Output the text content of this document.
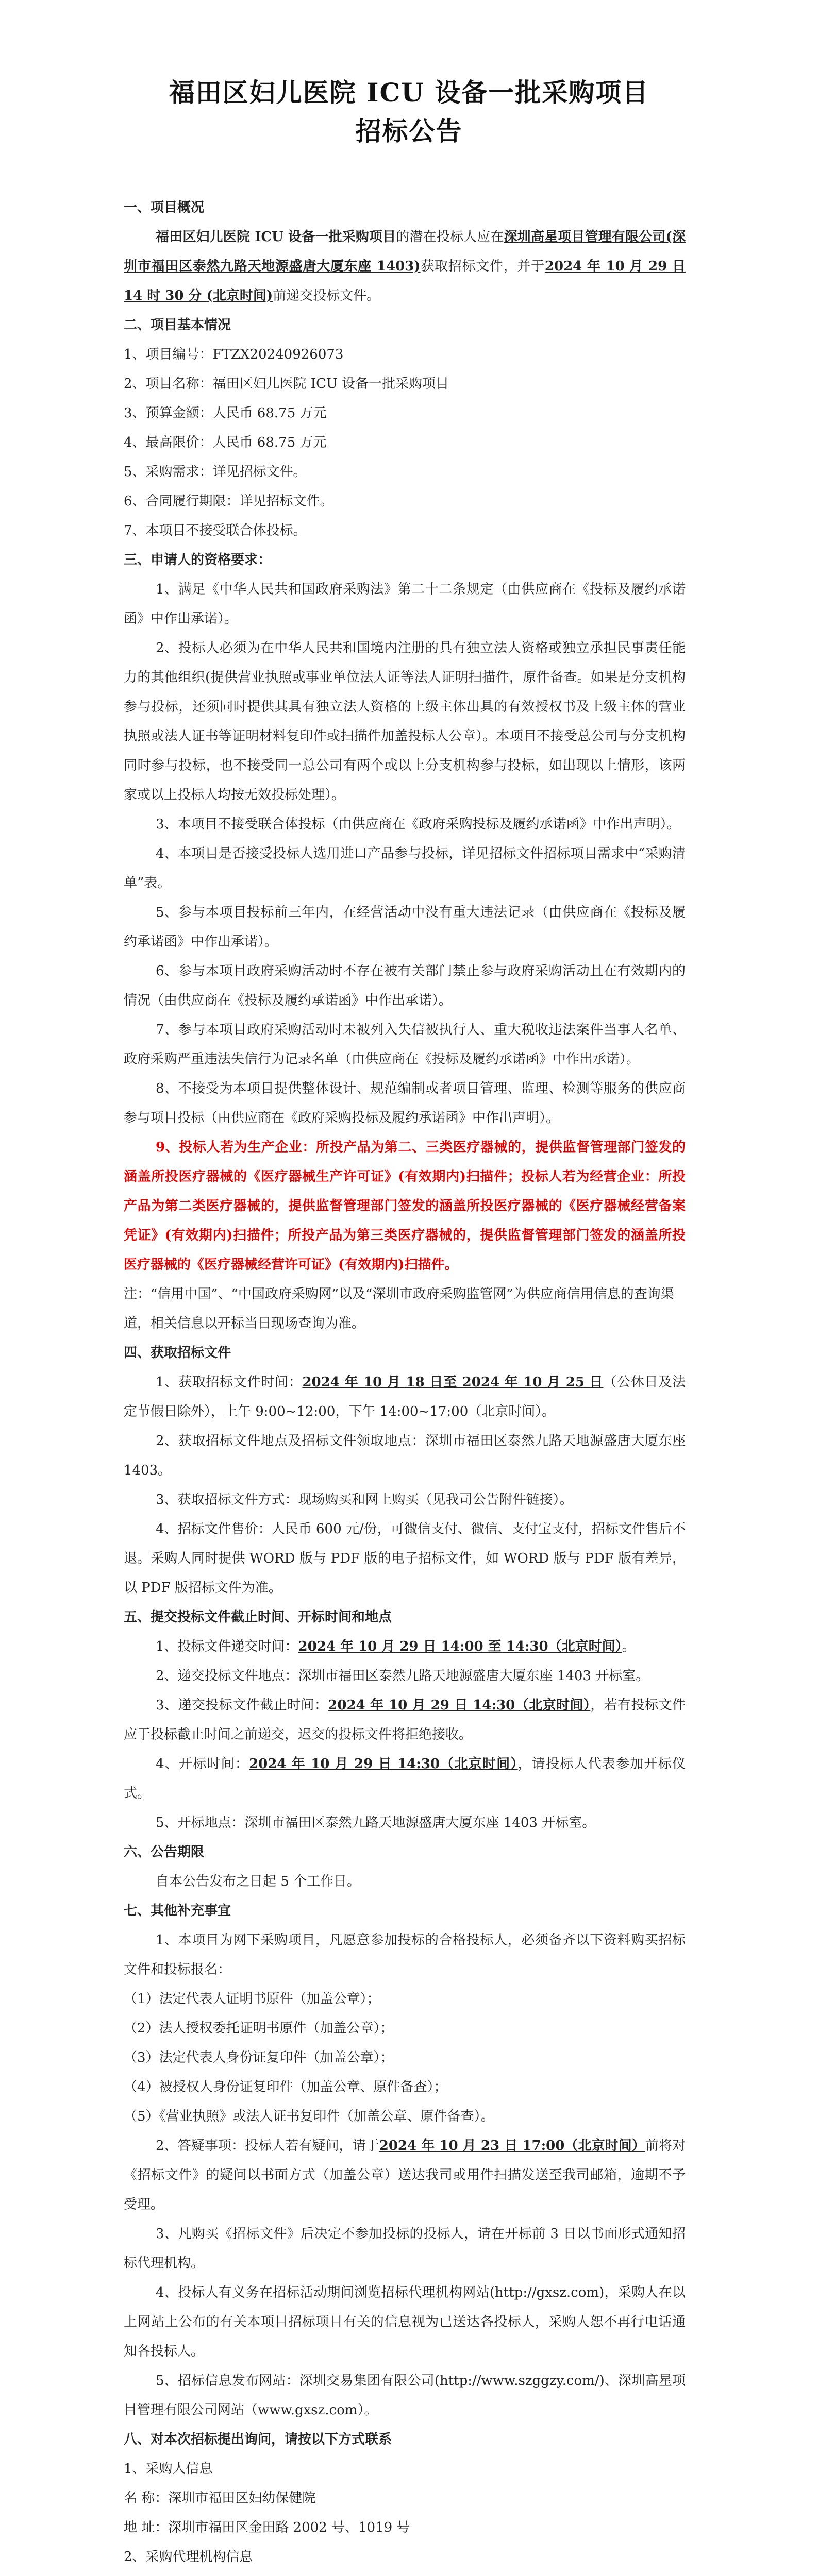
福田区妇儿医院 ICU 设备一批采购项目
招标公告

一、项目概况

福田区妇儿医院 ICU 设备一批采购项目的潜在投标人应在深圳高星项目管理有限公司(深圳市福田区泰然九路天地源盛唐大厦东座 1403)获取招标文件，并于2024 年 10 月 29 日 14 时 30 分 (北京时间)前递交投标文件。

二、项目基本情况

1、项目编号：FTZX20240926073

2、项目名称：福田区妇儿医院 ICU 设备一批采购项目

3、预算金额：人民币 68.75 万元

4、最高限价：人民币 68.75 万元

5、采购需求：详见招标文件。

6、合同履行期限：详见招标文件。

7、本项目不接受联合体投标。

三、申请人的资格要求：

1、满足《中华人民共和国政府采购法》第二十二条规定（由供应商在《投标及履约承诺函》中作出承诺）。

2、投标人必须为在中华人民共和国境内注册的具有独立法人资格或独立承担民事责任能力的其他组织(提供营业执照或事业单位法人证等法人证明扫描件，原件备查。如果是分支机构参与投标，还须同时提供其具有独立法人资格的上级主体出具的有效授权书及上级主体的营业执照或法人证书等证明材料复印件或扫描件加盖投标人公章）。本项目不接受总公司与分支机构同时参与投标，也不接受同一总公司有两个或以上分支机构参与投标，如出现以上情形，该两家或以上投标人均按无效投标处理）。

3、本项目不接受联合体投标（由供应商在《政府采购投标及履约承诺函》中作出声明）。

4、本项目是否接受投标人选用进口产品参与投标，详见招标文件招标项目需求中“采购清单”表。

5、参与本项目投标前三年内，在经营活动中没有重大违法记录（由供应商在《投标及履约承诺函》中作出承诺）。

6、参与本项目政府采购活动时不存在被有关部门禁止参与政府采购活动且在有效期内的情况（由供应商在《投标及履约承诺函》中作出承诺）。

7、参与本项目政府采购活动时未被列入失信被执行人、重大税收违法案件当事人名单、政府采购严重违法失信行为记录名单（由供应商在《投标及履约承诺函》中作出承诺）。

8、不接受为本项目提供整体设计、规范编制或者项目管理、监理、检测等服务的供应商参与项目投标（由供应商在《政府采购投标及履约承诺函》中作出声明）。

9、投标人若为生产企业：所投产品为第二、三类医疗器械的，提供监督管理部门签发的涵盖所投医疗器械的《医疗器械生产许可证》(有效期内)扫描件；投标人若为经营企业：所投产品为第二类医疗器械的，提供监督管理部门签发的涵盖所投医疗器械的《医疗器械经营备案凭证》(有效期内)扫描件；所投产品为第三类医疗器械的，提供监督管理部门签发的涵盖所投医疗器械的《医疗器械经营许可证》(有效期内)扫描件。

注：“信用中国”、“中国政府采购网”以及“深圳市政府采购监管网”为供应商信用信息的查询渠道，相关信息以开标当日现场查询为准。

四、获取招标文件

1、获取招标文件时间：2024 年 10 月 18 日至 2024 年 10 月 25 日（公休日及法定节假日除外），上午 9:00~12:00，下午 14:00~17:00（北京时间）。

2、获取招标文件地点及招标文件领取地点：深圳市福田区泰然九路天地源盛唐大厦东座 1403。

3、获取招标文件方式：现场购买和网上购买（见我司公告附件链接）。

4、招标文件售价：人民币 600 元/份，可微信支付、微信、支付宝支付，招标文件售后不退。采购人同时提供 WORD 版与 PDF 版的电子招标文件，如 WORD 版与 PDF 版有差异，以 PDF 版招标文件为准。

五、提交投标文件截止时间、开标时间和地点

1、投标文件递交时间：2024 年 10 月 29 日 14:00 至 14:30（北京时间）。

2、递交投标文件地点：深圳市福田区泰然九路天地源盛唐大厦东座 1403 开标室。

3、递交投标文件截止时间：2024 年 10 月 29 日 14:30（北京时间），若有投标文件应于投标截止时间之前递交，迟交的投标文件将拒绝接收。

4、开标时间：2024 年 10 月 29 日 14:30（北京时间），请投标人代表参加开标仪式。

5、开标地点：深圳市福田区泰然九路天地源盛唐大厦东座 1403 开标室。

六、公告期限

自本公告发布之日起 5 个工作日。

七、其他补充事宜

1、本项目为网下采购项目，凡愿意参加投标的合格投标人，必须备齐以下资料购买招标文件和投标报名：

（1）法定代表人证明书原件（加盖公章）；

（2）法人授权委托证明书原件（加盖公章）；

（3）法定代表人身份证复印件（加盖公章）；

（4）被授权人身份证复印件（加盖公章、原件备查）；

（5）《营业执照》或法人证书复印件（加盖公章、原件备查）。

2、答疑事项：投标人若有疑问，请于2024 年 10 月 23 日 17:00（北京时间）前将对《招标文件》的疑问以书面方式（加盖公章）送达我司或用件扫描发送至我司邮箱，逾期不予受理。

3、凡购买《招标文件》后决定不参加投标的投标人，请在开标前 3 日以书面形式通知招标代理机构。

4、投标人有义务在招标活动期间浏览招标代理机构网站(http://gxsz.com)，采购人在以上网站上公布的有关本项目招标项目有关的信息视为已送达各投标人，采购人恕不再行电话通知各投标人。

5、招标信息发布网站：深圳交易集团有限公司(http://www.szggzy.com/)、深圳高星项目管理有限公司网站（www.gxsz.com）。

八、对本次招标提出询问，请按以下方式联系

1、采购人信息

名 称：深圳市福田区妇幼保健院

地 址：深圳市福田区金田路 2002 号、1019 号

2、采购代理机构信息
